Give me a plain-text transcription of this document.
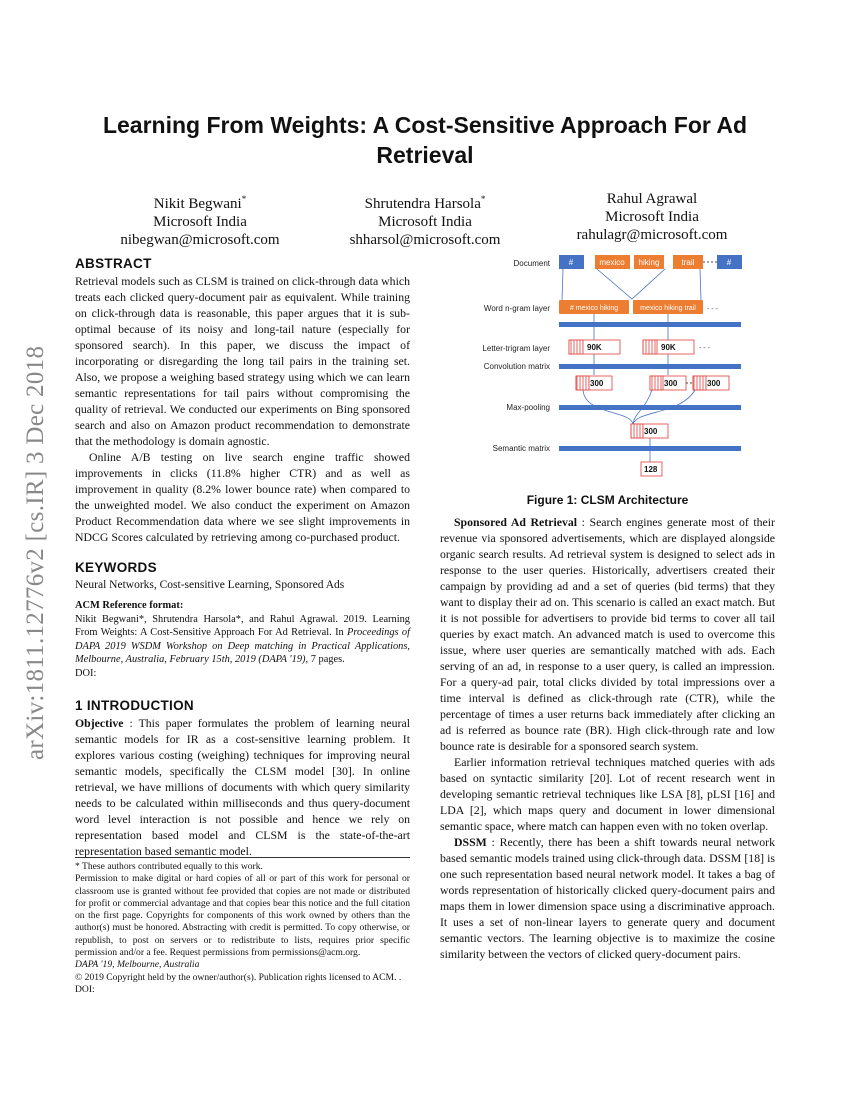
arXiv:1811.12776v2 [cs.IR] 3 Dec 2018
Learning From Weights: A Cost-Sensitive Approach For Ad Retrieval
Nikit Begwani*
Microsoft India
nibegwan@microsoft.com
Shrutendra Harsola*
Microsoft India
shharsol@microsoft.com
Rahul Agrawal
Microsoft India
rahulagr@microsoft.com
ABSTRACT

Retrieval models such as CLSM is trained on click-through data which treats each clicked query-document pair as equivalent. While training on click-through data is reasonable, this paper argues that it is sub-optimal because of its noisy and long-tail nature (especially for sponsored search). In this paper, we discuss the impact of incorporating or disregarding the long tail pairs in the training set. Also, we propose a weighing based strategy using which we can learn semantic representations for tail pairs without compromising the quality of retrieval. We conducted our experiments on Bing sponsored search and also on Amazon product recommendation to demonstrate that the methodology is domain agnostic.

Online A/B testing on live search engine traffic showed improvements in clicks (11.8% higher CTR) and as well as improvement in quality (8.2% lower bounce rate) when compared to the unweighted model. We also conduct the experiment on Amazon Product Recommendation data where we see slight improvements in NDCG Scores calculated by retrieving among co-purchased product.

KEYWORDS

Neural Networks, Cost-sensitive Learning, Sponsored Ads

ACM Reference format:
Nikit Begwani*, Shrutendra Harsola*, and Rahul Agrawal. 2019. Learning From Weights: A Cost-Sensitive Approach For Ad Retrieval. In Proceedings of DAPA 2019 WSDM Workshop on Deep matching in Practical Applications, Melbourne, Australia, February 15th, 2019 (DAPA '19), 7 pages.
DOI:
1 INTRODUCTION

Objective : This paper formulates the problem of learning neural semantic models for IR as a cost-sensitive learning problem. It explores various costing (weighing) techniques for improving neural semantic models, specifically the CLSM model [30]. In online retrieval, we have millions of documents with which query similarity needs to be calculated within milliseconds and thus query-document word level interaction is not possible and hence we rely on representation based model and CLSM is the state-of-the-art representation based semantic model.

* These authors contributed equally to this work.
Permission to make digital or hard copies of all or part of this work for personal or classroom use is granted without fee provided that copies are not made or distributed for profit or commercial advantage and that copies bear this notice and the full citation on the first page. Copyrights for components of this work owned by others than the author(s) must be honored. Abstracting with credit is permitted. To copy otherwise, or republish, to post on servers or to redistribute to lists, requires prior specific permission and/or a fee. Request permissions from permissions@acm.org.
DAPA '19, Melbourne, Australia
© 2019 Copyright held by the owner/author(s). Publication rights licensed to ACM. .
DOI:
Document
Word n-gram layer
Letter-trigram layer
Convolution matrix
Max-pooling
Semantic matrix
#	mexico hiking	trail	#
# mexico hiking	mexico hiking trail - - -
90K	90K
300	300	300
300
128
- - -
Figure 1: CLSM Architecture

Sponsored Ad Retrieval : Search engines generate most of their revenue via sponsored advertisements, which are displayed alongside organic search results. Ad retrieval system is designed to select ads in response to the user queries. Historically, advertisers created their campaign by providing ad and a set of queries (bid terms) that they want to display their ad on. This scenario is called an exact match. But it is not possible for advertisers to provide bid terms to cover all tail queries by exact match. An advanced match is used to overcome this issue, where user queries are semantically matched with ads. Each serving of an ad, in response to a user query, is called an impression. For a query-ad pair, total clicks divided by total impressions over a time interval is defined as click-through rate (CTR), while the percentage of times a user returns back immediately after clicking an ad is referred as bounce rate (BR). High click-through rate and low bounce rate is desirable for a sponsored search system.

Earlier information retrieval techniques matched queries with ads based on syntactic similarity [20]. Lot of recent research went in developing semantic retrieval techniques like LSA [8], pLSI [16] and LDA [2], which maps query and document in lower dimensional semantic space, where match can happen even with no token overlap.

DSSM : Recently, there has been a shift towards neural network based semantic models trained using click-through data. DSSM [18] is one such representation based neural network model. It takes a bag of words representation of historically clicked query-document pairs and maps them in lower dimension space using a discriminative approach. It uses a set of non-linear layers to generate query and document semantic vectors. The learning objective is to maximize the cosine similarity between the vectors of clicked query-document pairs.
